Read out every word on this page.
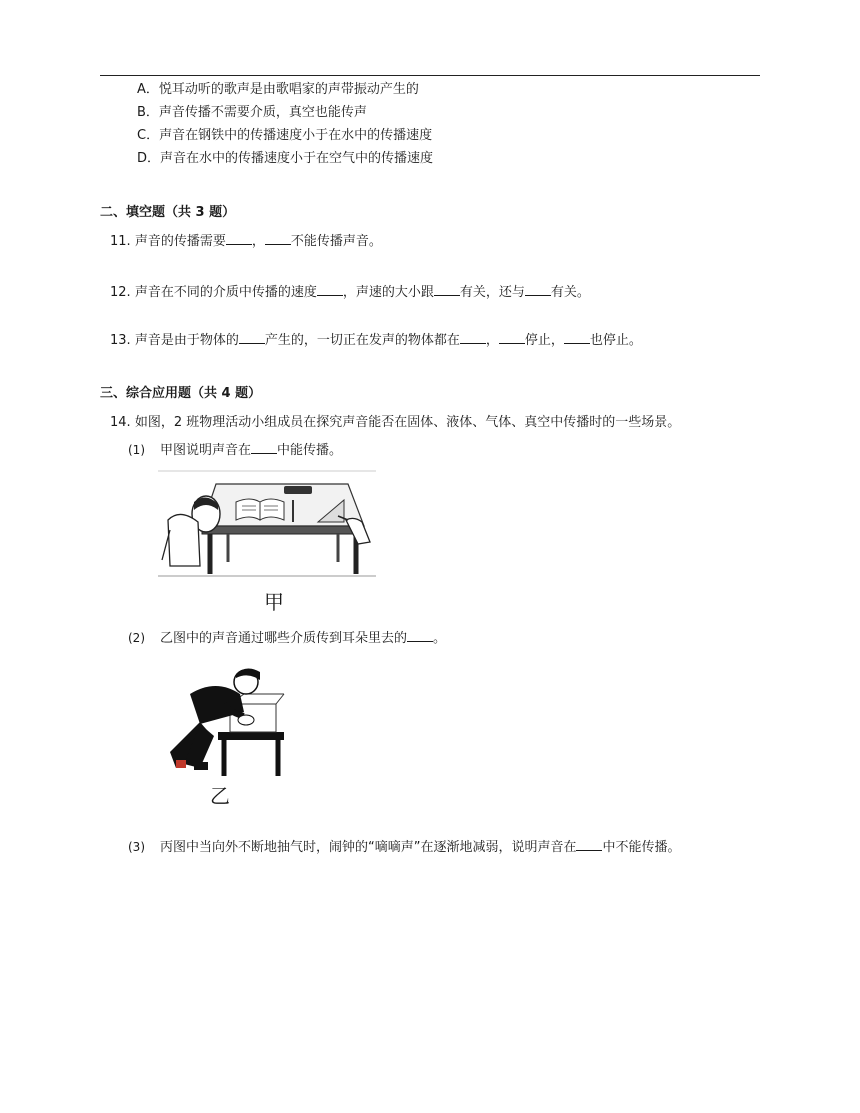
A．悦耳动听的歌声是由歌唱家的声带振动产生的
B．声音传播不需要介质，真空也能传声
C．声音在钢铁中的传播速度小于在水中的传播速度
D．声音在水中的传播速度小于在空气中的传播速度
二、填空题（共 3 题）
11. 声音的传播需要 ， 不能传播声音。
12. 声音在不同的介质中传播的速度 ，声速的大小跟 有关，还与 有关。
13. 声音是由于物体的 产生的，一切正在发声的物体都在 ， 停止， 也停止。
三、综合应用题（共 4 题）
14. 如图，2 班物理活动小组成员在探究声音能否在固体、液体、气体、真空中传播时的一些场景。
(1) 甲图说明声音在 中能传播。
甲
(2) 乙图中的声音通过哪些介质传到耳朵里去的 。
乙
(3) 丙图中当向外不断地抽气时，闹钟的“嘀嘀声”在逐渐地减弱，说明声音在 中不能传播。
